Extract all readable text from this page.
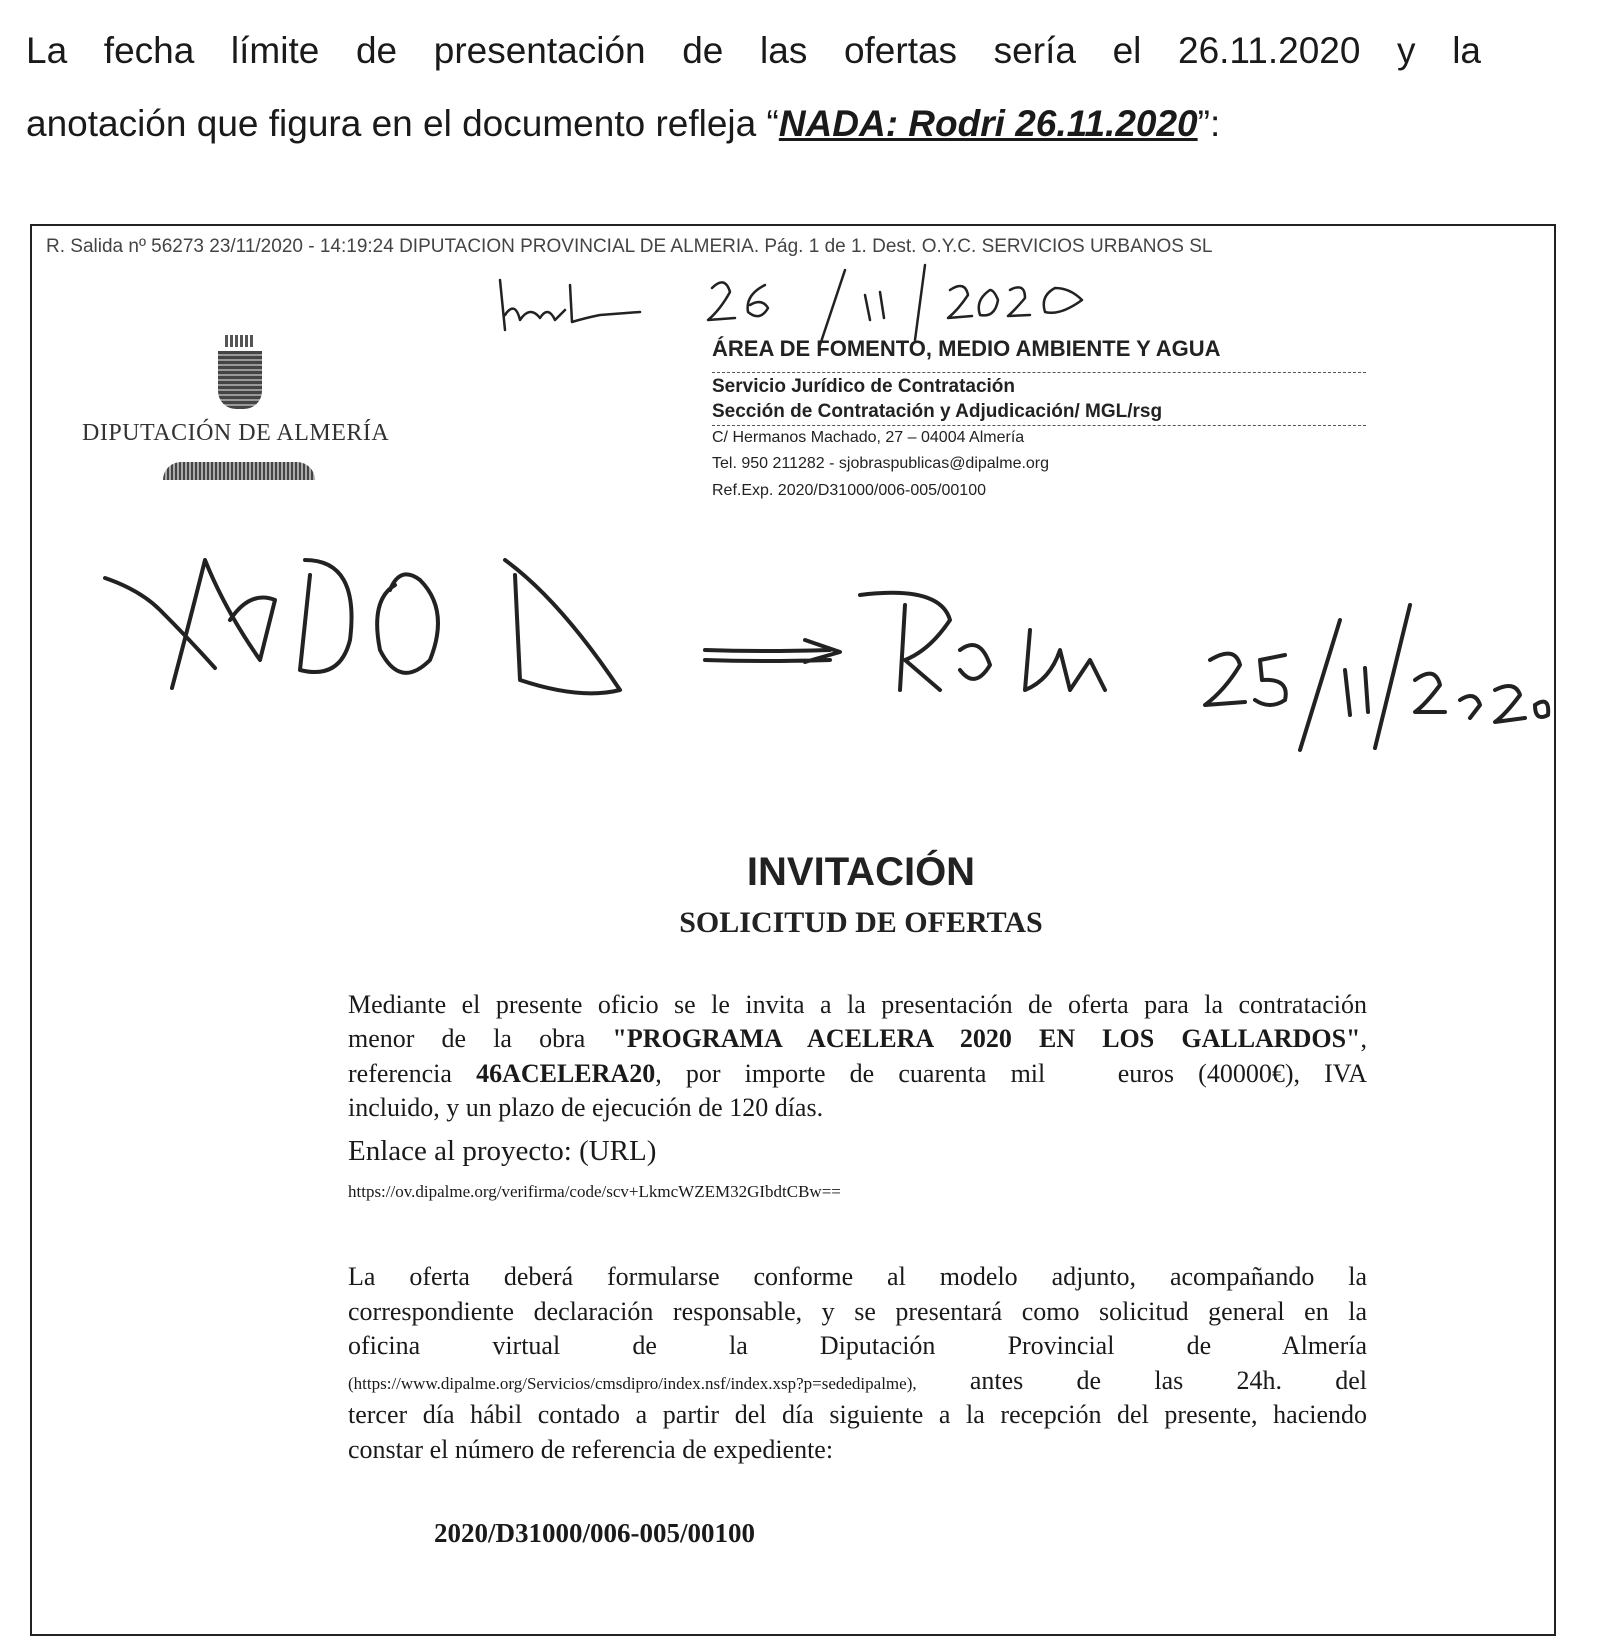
La fecha límite de presentación de las ofertas sería el 26.11.2020 y la
anotación que figura en el documento refleja “NADA: Rodri 26.11.2020”:
R. Salida nº 56273 23/11/2020 - 14:19:24 DIPUTACION PROVINCIAL DE ALMERIA. Pág. 1 de 1. Dest. O.Y.C. SERVICIOS URBANOS SL
DIPUTACIÓN DE ALMERÍA
ÁREA DE FOMENTO, MEDIO AMBIENTE Y AGUA
Servicio Jurídico de Contratación
Sección de Contratación y Adjudicación/ MGL/rsg
C/ Hermanos Machado, 27 – 04004 Almería
Tel. 950 211282 - sjobraspublicas@dipalme.org
Ref.Exp. 2020/D31000/006-005/00100
INVITACIÓN
SOLICITUD DE OFERTAS
Mediante el presente oficio se le invita a la presentación de oferta para la contratación
menor de la obra "PROGRAMA ACELERA 2020 EN LOS GALLARDOS",
referencia 46ACELERA20, por importe de cuarenta mil   euros (40000€), IVA
incluido, y un plazo de ejecución de 120 días.
Enlace al proyecto: (URL)
https://ov.dipalme.org/verifirma/code/scv+LkmcWZEM32GIbdtCBw==
La oferta deberá formularse conforme al modelo adjunto, acompañando la
correspondiente declaración responsable, y se presentará como solicitud general en la
oficina virtual de la Diputación Provincial de Almería
(https://www.dipalme.org/Servicios/cmsdipro/index.nsf/index.xsp?p=sededipalme), antes de las 24h. del
tercer día hábil contado a partir del día siguiente a la recepción del presente, haciendo
constar el número de referencia de expediente:
2020/D31000/006-005/00100
